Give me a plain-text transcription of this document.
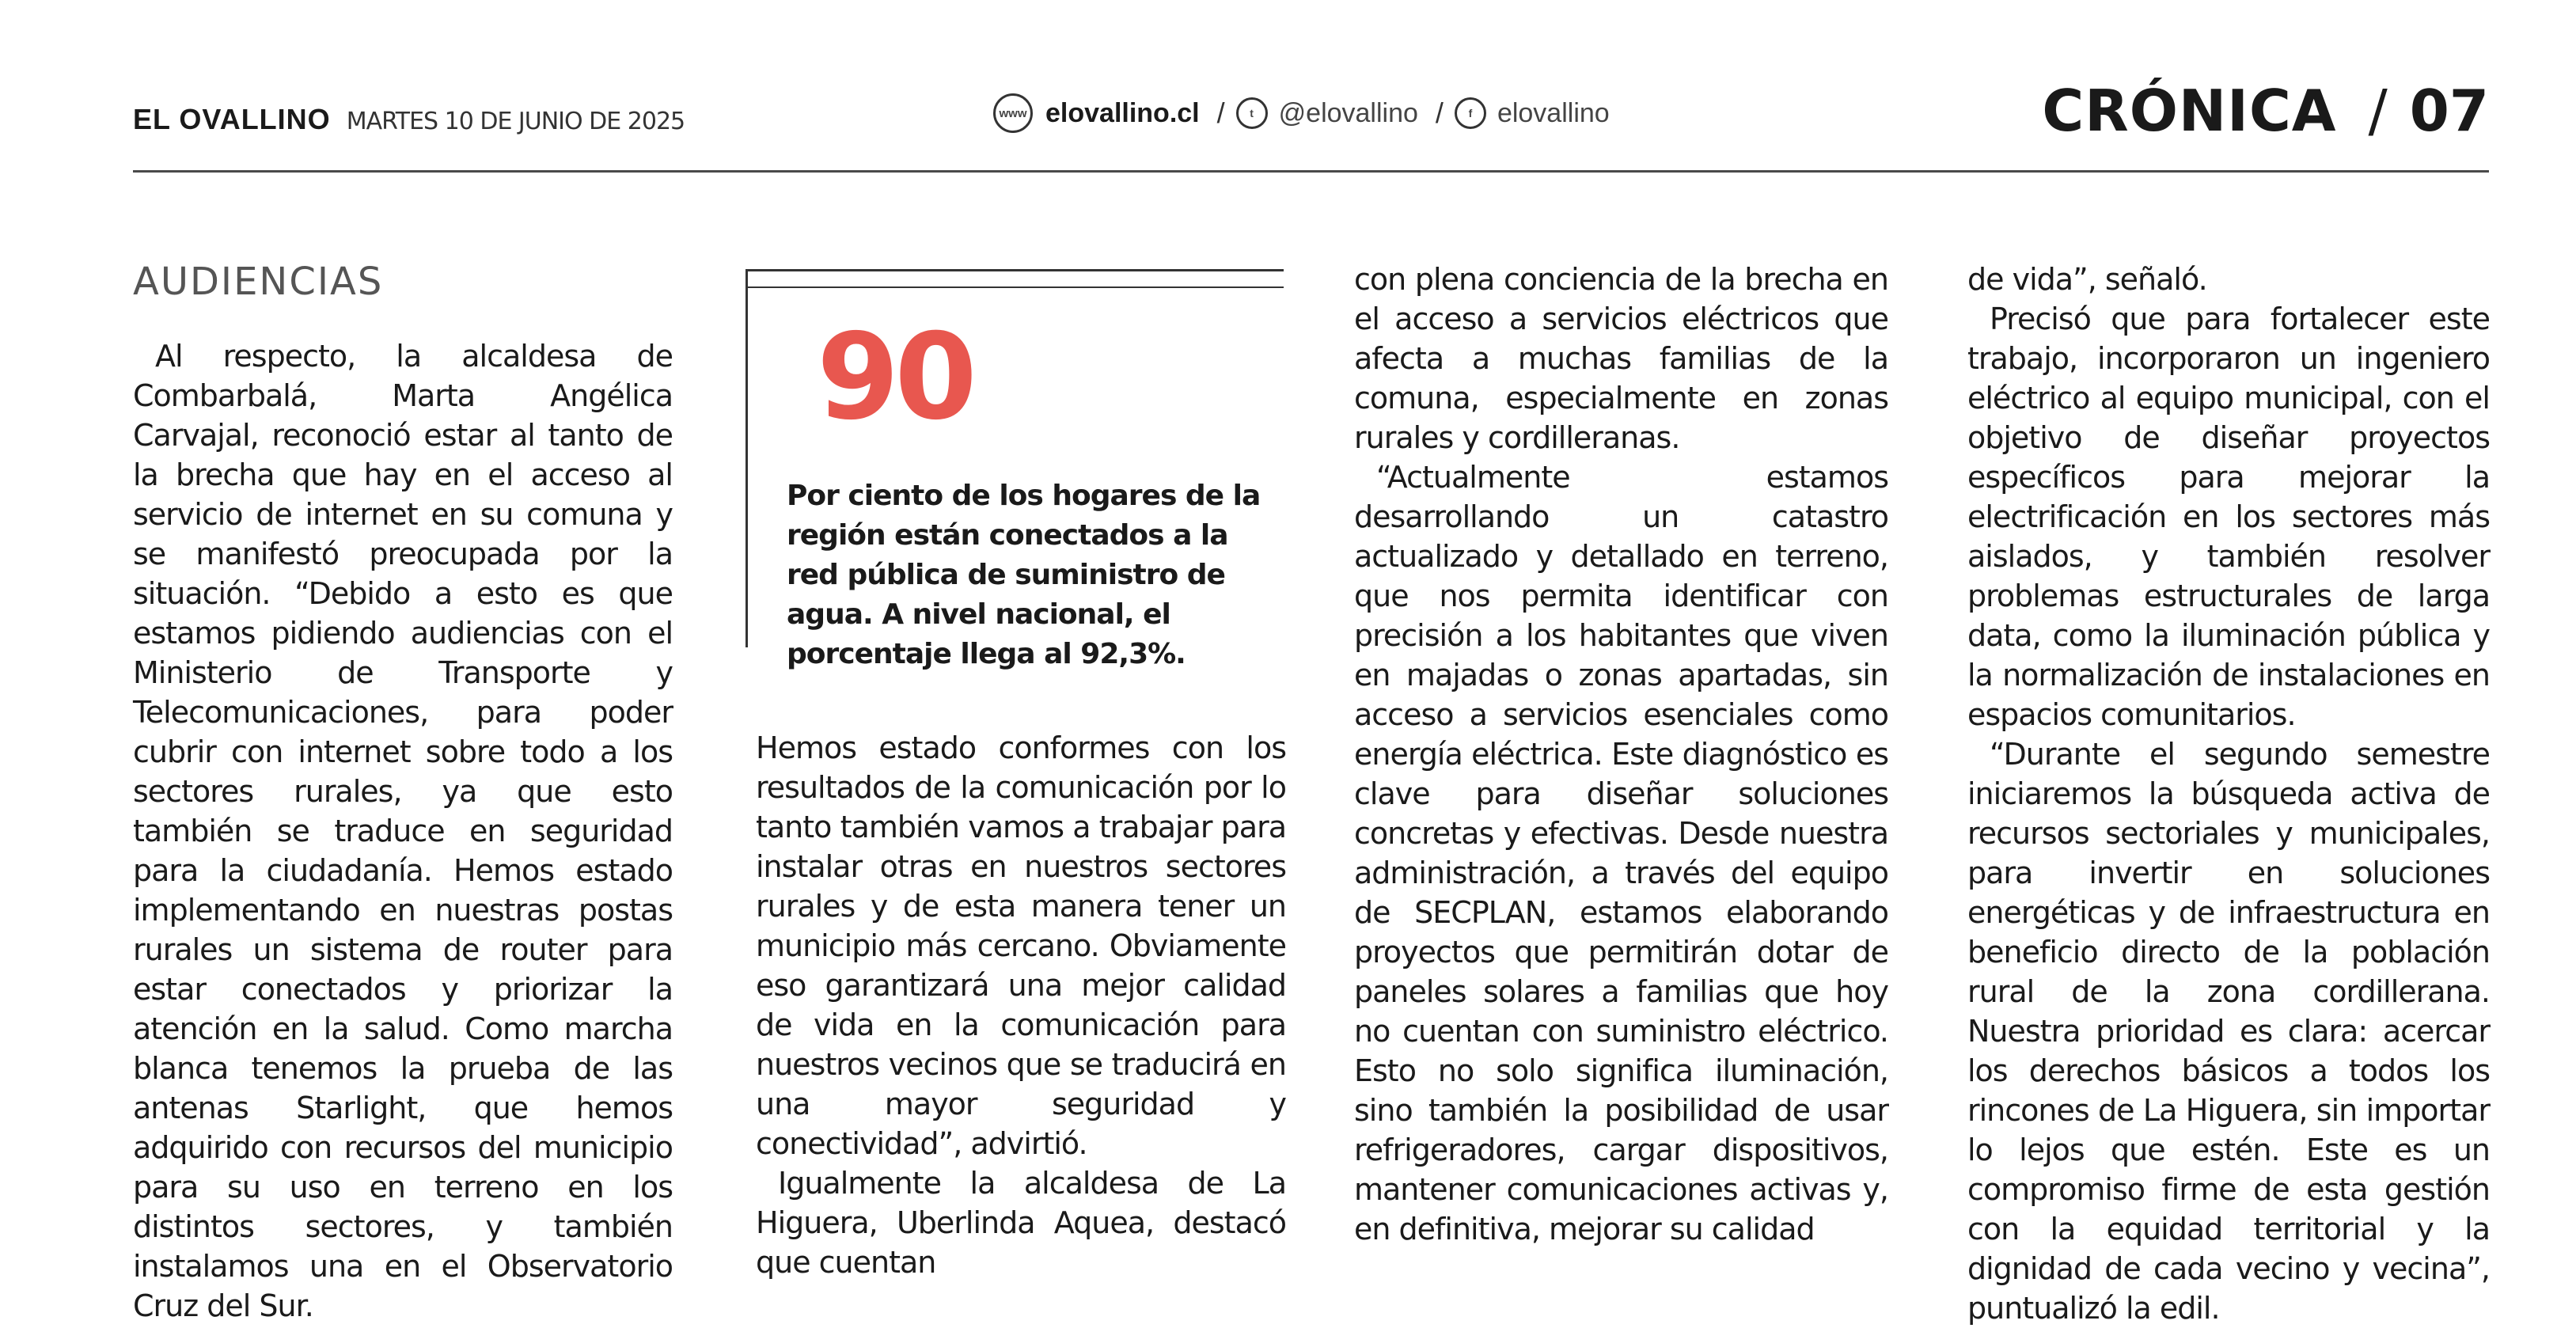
EL OVALLINO MARTES 10 DE JUNIO DE 2025	www elovallino.cl /	t @elovallino /	f elovallino	CRÓNICA / 07
AUDIENCIAS

Al respecto, la alcaldesa de Combarbalá, Marta Angélica Carvajal, reconoció estar al tanto de la brecha que hay en el acceso al servicio de internet en su comuna y se manifestó preocupada por la situación. “Debido a esto es que estamos pidiendo audiencias con el Ministerio de Transporte y Telecomunicaciones, para poder cubrir con internet sobre todo a los sectores rurales, ya que esto también se traduce en seguridad para la ciudadanía. Hemos estado implementando en nuestras postas rurales un sistema de router para estar conectados y priorizar la atención en la salud. Como marcha blanca tenemos la prueba de las antenas Starlight, que hemos adquirido con recursos del municipio para su uso en terreno en los distintos sectores, y también instalamos una en el Observatorio Cruz del Sur.

90
Por ciento de los hogares de la región están conectados a la red pública de suministro de agua. A nivel nacional, el porcentaje llega al 92,3%.

Hemos estado conformes con los resultados de la comunicación por lo tanto también vamos a trabajar para instalar otras en nuestros sectores rurales y de esta manera tener un municipio más cercano. Obviamente eso garantizará una mejor calidad de vida en la comunicación para nuestros vecinos que se traducirá en una mayor seguridad y conectividad”, advirtió.

Igualmente la alcaldesa de La Higuera, Uberlinda Aquea, destacó que cuentan

con plena conciencia de la brecha en el acceso a servicios eléctricos que afecta a muchas familias de la comuna, especialmente en zonas rurales y cordilleranas.

“Actualmente estamos desarrollando un catastro actualizado y detallado en terreno, que nos permita identificar con precisión a los habitantes que viven en majadas o zonas apartadas, sin acceso a servicios esenciales como energía eléctrica. Este diagnóstico es clave para diseñar soluciones concretas y efectivas. Desde nuestra administración, a través del equipo de SECPLAN, estamos elaborando proyectos que permitirán dotar de paneles solares a familias que hoy no cuentan con suministro eléctrico. Esto no solo significa iluminación, sino también la posibilidad de usar refrigeradores, cargar dispositivos, mantener comunicaciones activas y, en definitiva, mejorar su calidad

de vida”, señaló.

Precisó que para fortalecer este trabajo, incorporaron un ingeniero eléctrico al equipo municipal, con el objetivo de diseñar proyectos específicos para mejorar la electrificación en los sectores más aislados, y también resolver problemas estructurales de larga data, como la iluminación pública y la normalización de instalaciones en espacios comunitarios.

“Durante el segundo semestre iniciaremos la búsqueda activa de recursos sectoriales y municipales, para invertir en soluciones energéticas y de infraestructura en beneficio directo de la población rural de la zona cordillerana. Nuestra prioridad es clara: acercar los derechos básicos a todos los rincones de La Higuera, sin importar lo lejos que estén. Este es un compromiso firme de esta gestión con la equidad territorial y la dignidad de cada vecino y vecina”, puntualizó la edil.
